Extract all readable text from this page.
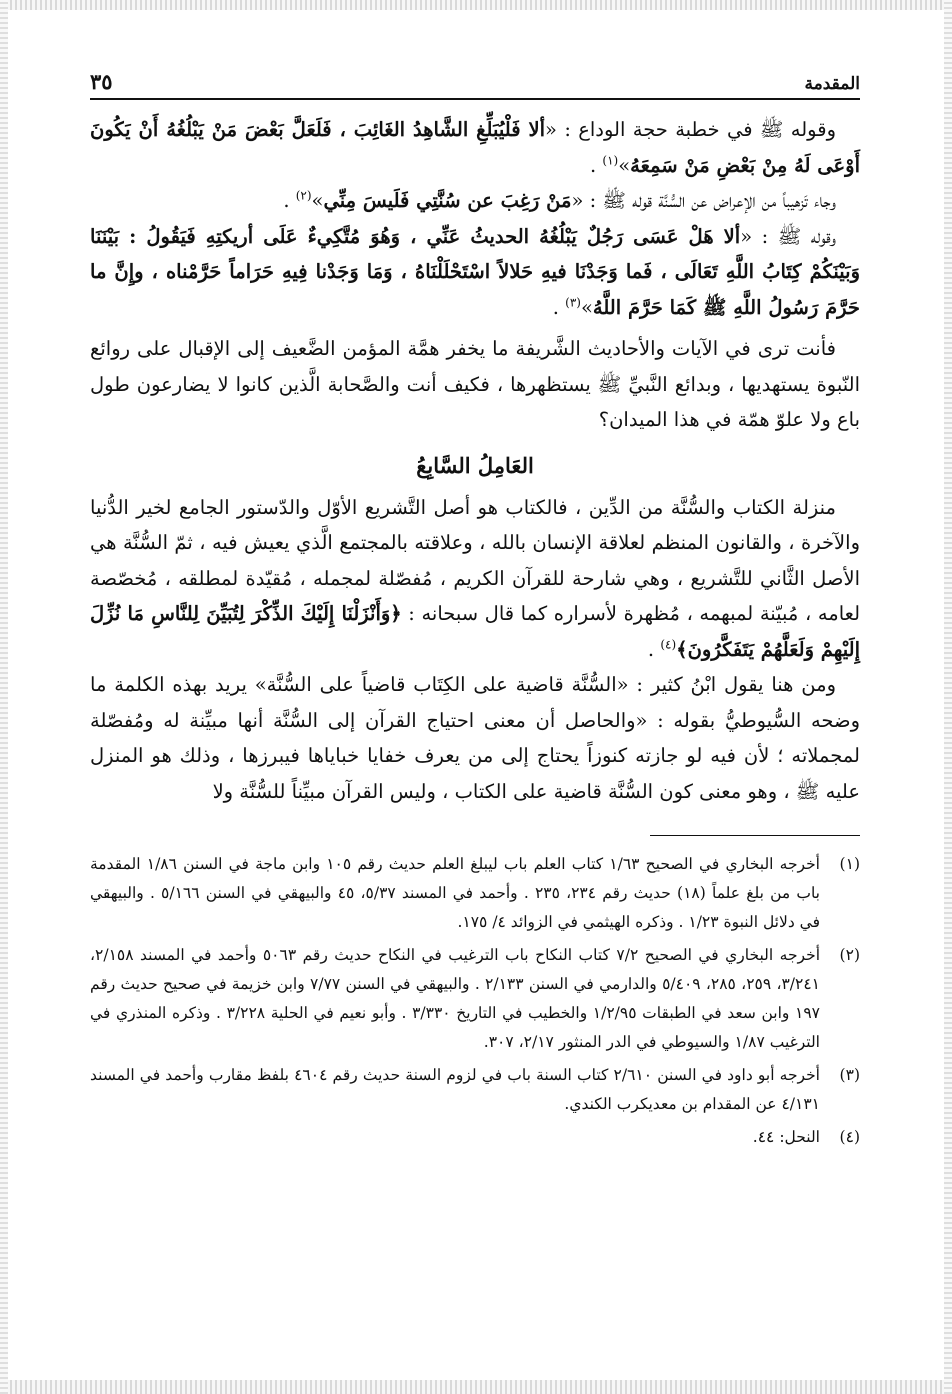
المقدمة
٣٥

وقوله ﷺ في خطبة حجة الوداع : «ألا فَلْيُبَلِّغِ الشَّاهِدُ الغَائِبَ ، فَلَعَلَّ بَعْضَ مَنْ يَبْلُغُهُ أَنْ يَكُونَ أَوْعَى لَهُ مِنْ بَعْضِ مَنْ سَمِعَهُ»$^{(١)}$ .

وجاء تَزهيباً من الإعراض عن السُّنَّة قوله ﷺ : «مَنْ رَغِبَ عن سُنَّتِي فَلَيسَ مِنِّي»$^{(٢)}$ .

وقوله ﷺ : «ألا هَلْ عَسَى رَجُلٌ يَبْلُغُهُ الحديثُ عَنِّي ، وَهُوَ مُتَّكِيءٌ عَلَى أريكتِهِ فَيَقُولُ : بَيْنَنَا وَبَيْنَكُمْ كِتَابُ اللَّهِ تَعَالَى ، فَما وَجَدْنَا فيهِ حَلالاً اسْتَحْلَلْنَاهُ ، وَمَا وَجَدْنا فِيهِ حَرَاماً حَرَّمْناه ، وإِنَّ ما حَرَّمَ رَسُولُ اللَّهِ ﷺ كَمَا حَرَّمَ اللَّهُ»$^{(٣)}$ .

فأنت ترى في الآيات والأحاديث الشَّريفة ما يخفر همَّة المؤمن الضَّعيف إلى الإقبال على روائع النّبوة يستهديها ، وبدائع النَّبيِّ ﷺ يستظهرها ، فكيف أنت والصَّحابة الَّذين كانوا لا يضارعون طول باع ولا علوّ همّة في هذا الميدان؟

العَامِلُ السَّابِعُ

منزلة الكتاب والسُّنَّة من الدِّين ، فالكتاب هو أصل التَّشريع الأوّل والدّستور الجامع لخير الدُّنيا والآخرة ، والقانون المنظم لعلاقة الإنسان بالله ، وعلاقته بالمجتمع الَّذي يعيش فيه ، ثمّ السُّنَّة هي الأصل الثَّاني للتَّشريع ، وهي شارحة للقرآن الكريم ، مُفصّلة لمجمله ، مُقيّدة لمطلقه ، مُخصّصة لعامه ، مُبيّنة لمبهمه ، مُظهرة لأسراره كما قال سبحانه : ﴿وَأَنْزَلْنَا إِلَيْكَ الذِّكْرَ لِتُبَيِّنَ لِلنَّاسِ مَا نُزِّلَ إِلَيْهِمْ وَلَعَلَّهُمْ يَتَفَكَّرُونَ﴾$^{(٤)}$ .

ومن هنا يقول ابْنُ كثير : «السُّنَّة قاضية على الكِتَاب قاضياً على السُّنَّة» يريد بهذه الكلمة ما وضحه السُّيوطيُّ بقوله : «والحاصل أن معنى احتياج القرآن إلى السُّنَّة أنها مبيِّنة له ومُفصّلة لمجملاته ؛ لأن فيه لو جازته كنوزاً يحتاج إلى من يعرف خفايا خباياها فيبرزها ، وذلك هو المنزل عليه ﷺ ، وهو معنى كون السُّنَّة قاضية على الكتاب ، وليس القرآن مبيِّناً للسُّنَّة ولا

(١)
أخرجه البخاري في الصحيح ١/٦٣ كتاب العلم باب ليبلغ العلم حديث رقم ١٠٥ وابن ماجة في السنن ١/٨٦ المقدمة باب من بلغ علماً (١٨) حديث رقم ٢٣٤، ٢٣٥ . وأحمد في المسند ٥/٣٧، ٤٥ والبيهقي في السنن ٥/١٦٦ . والبيهقي في دلائل النبوة ١/٢٣ . وذكره الهيثمي في الزوائد ٤/ ١٧٥.
(٢)
أخرجه البخاري في الصحيح ٧/٢ كتاب النكاح باب الترغيب في النكاح حديث رقم ٥٠٦٣ وأحمد في المسند ٢/١٥٨، ٣/٢٤١، ٢٥٩، ٢٨٥، ٥/٤٠٩ والدارمي في السنن ٢/١٣٣ . والبيهقي في السنن ٧/٧٧ وابن خزيمة في صحيح حديث رقم ١٩٧ وابن سعد في الطبقات ١/٢/٩٥ والخطيب في التاريخ ٣/٣٣٠ . وأبو نعيم في الحلية ٣/٢٢٨ . وذكره المنذري في الترغيب ١/٨٧ والسيوطي في الدر المنثور ٢/١٧، ٣٠٧.
(٣)
أخرجه أبو داود في السنن ٢/٦١٠ كتاب السنة باب في لزوم السنة حديث رقم ٤٦٠٤ بلفظ مقارب وأحمد في المسند ٤/١٣١ عن المقدام بن معديكرب الكندي.
(٤)
النحل: ٤٤.
